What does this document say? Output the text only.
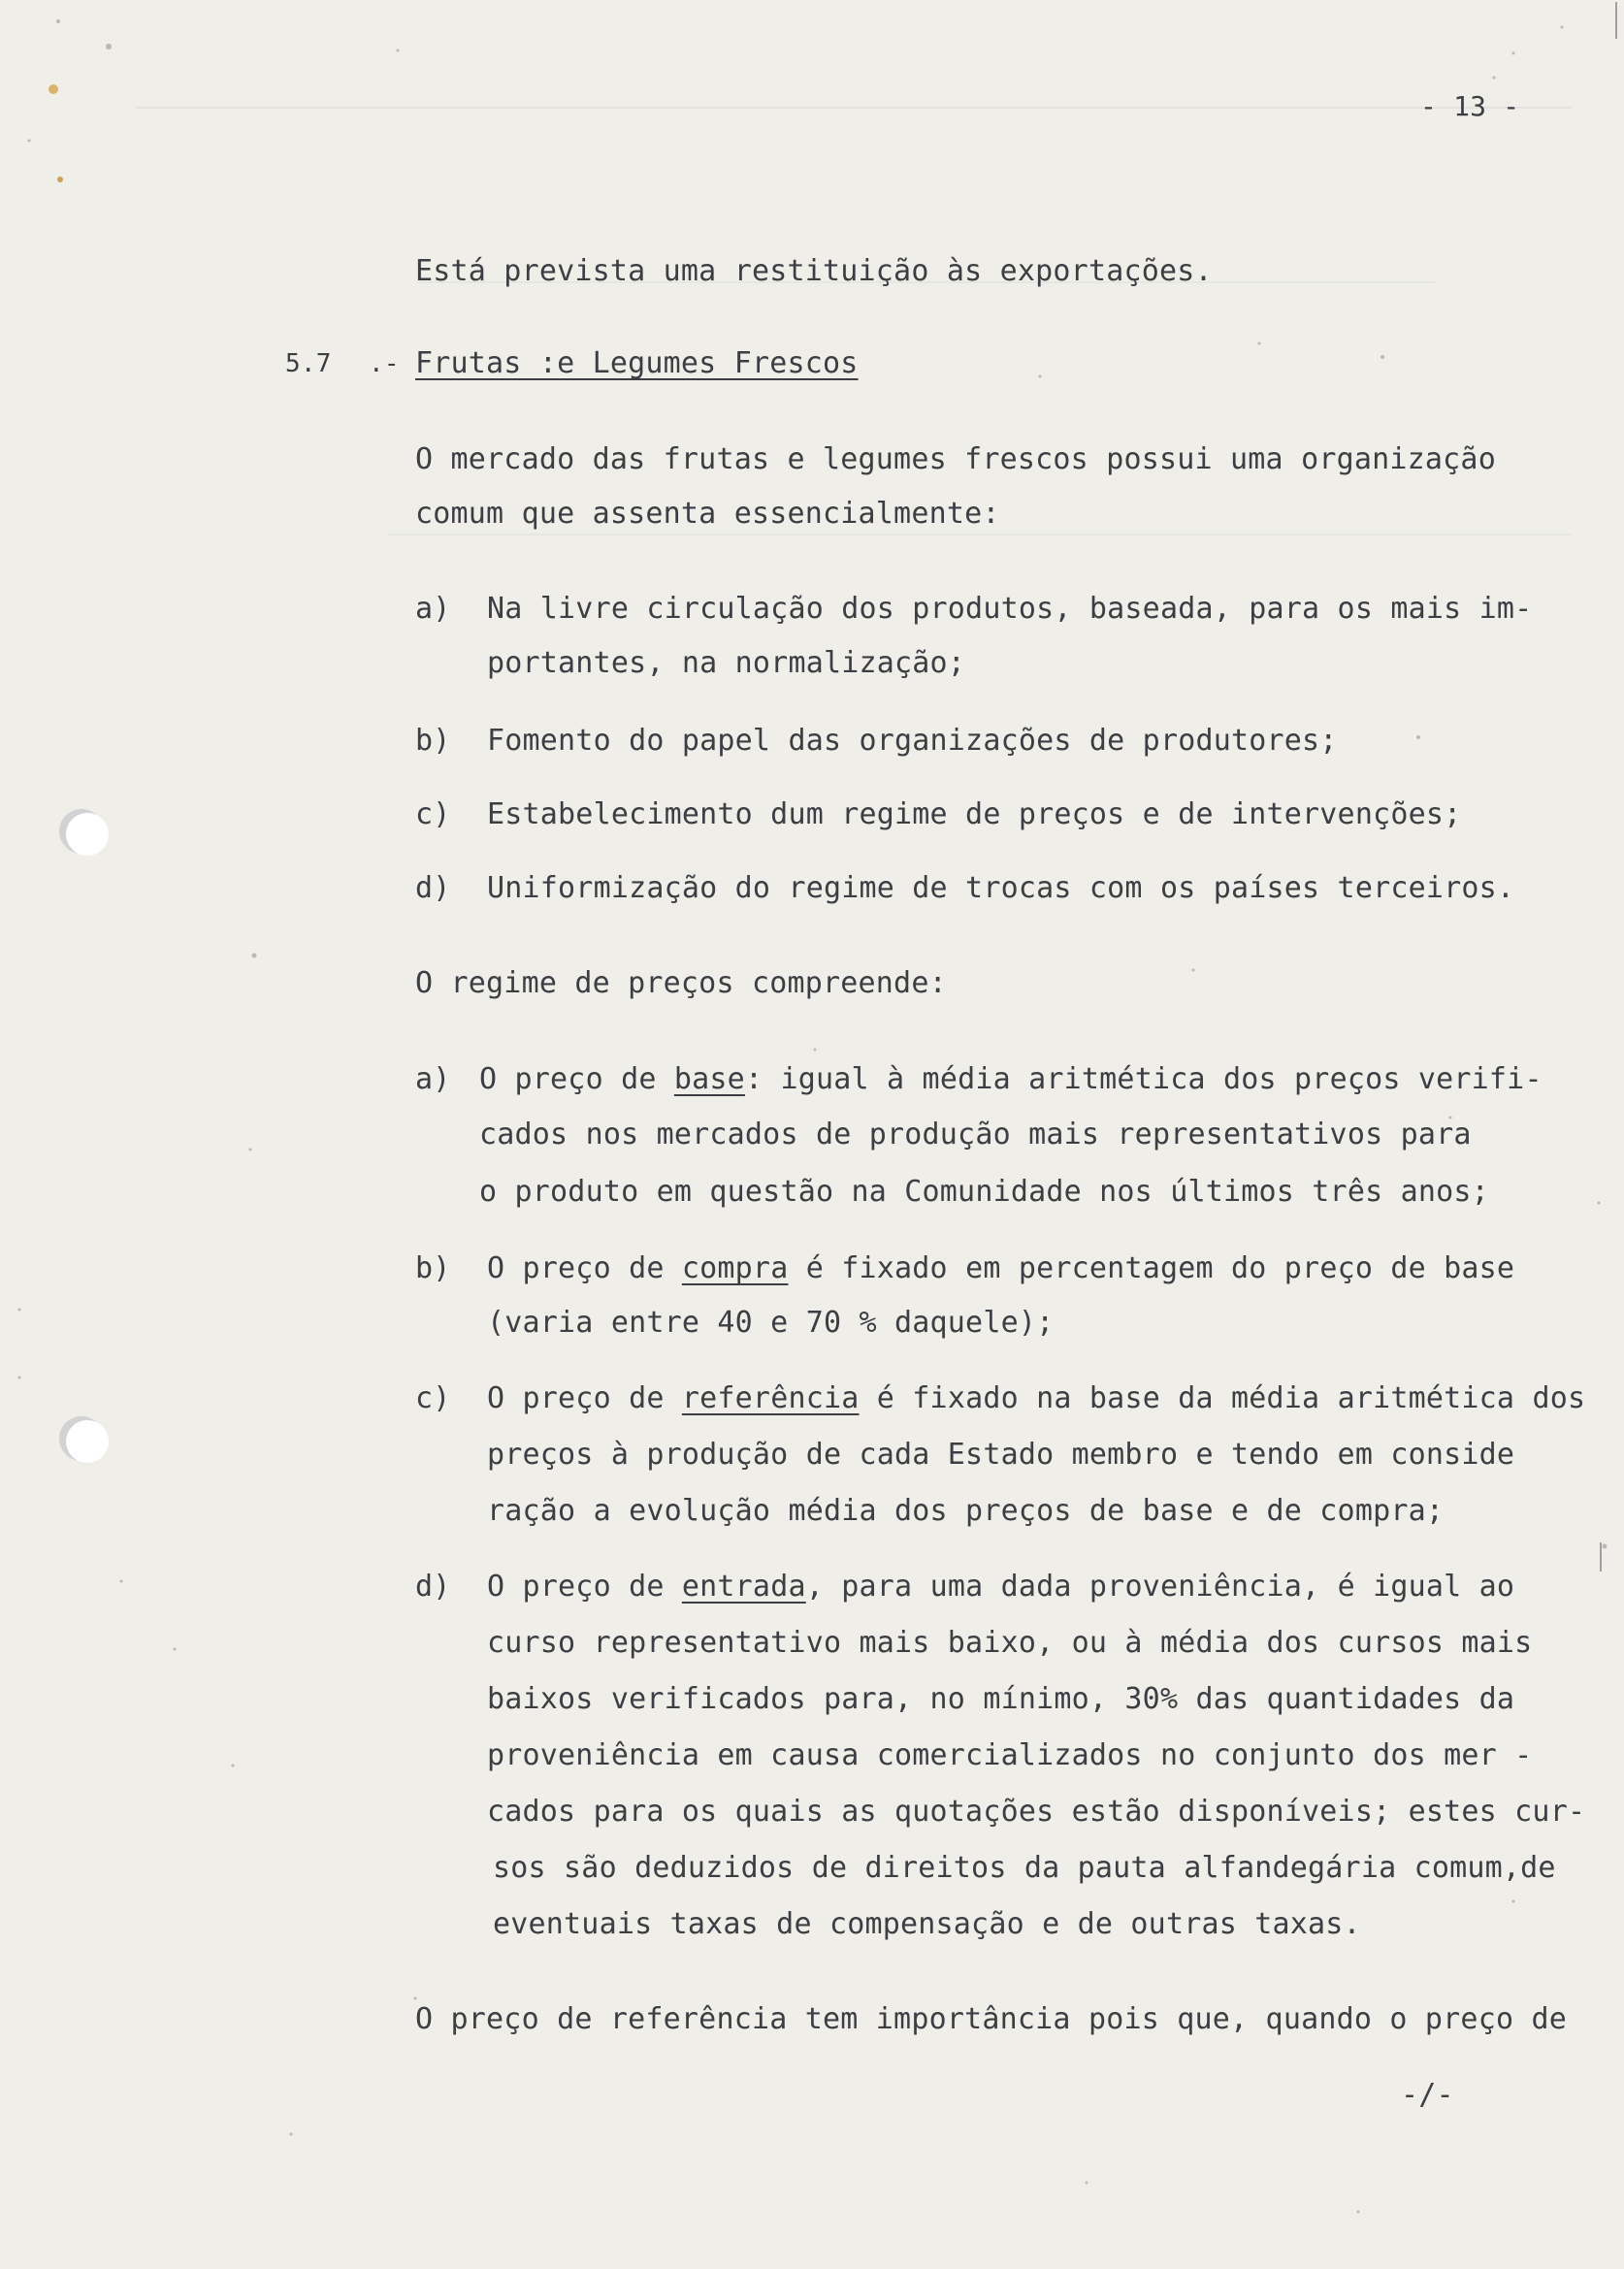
- 13 -
Está prevista uma restituição às exportações.
5.7 .- Frutas :e Legumes Frescos
O mercado das frutas e legumes frescos possui uma organização
comum que assenta essencialmente:
a) Na livre circulação dos produtos, baseada, para os mais im-
portantes, na normalização;
b) Fomento do papel das organizações de produtores;
c) Estabelecimento dum regime de preços e de intervenções;
d) Uniformização do regime de trocas com os países terceiros.
O regime de preços compreende:
a) O preço de base: igual à média aritmética dos preços verifi-
cados nos mercados de produção mais representativos para
o produto em questão na Comunidade nos últimos três anos;
b) O preço de compra é fixado em percentagem do preço de base
(varia entre 40 e 70 % daquele);
c) O preço de referência é fixado na base da média aritmética dos
preços à produção de cada Estado membro e tendo em conside
ração a evolução média dos preços de base e de compra;
d) O preço de entrada, para uma dada proveniência, é igual ao
curso representativo mais baixo, ou à média dos cursos mais
baixos verificados para, no mínimo, 30% das quantidades da
proveniência em causa comercializados no conjunto dos mer -
cados para os quais as quotações estão disponíveis; estes cur-
sos são deduzidos de direitos da pauta alfandegária comum,de
eventuais taxas de compensação e de outras taxas.
O preço de referência tem importância pois que, quando o preço de
-/-
